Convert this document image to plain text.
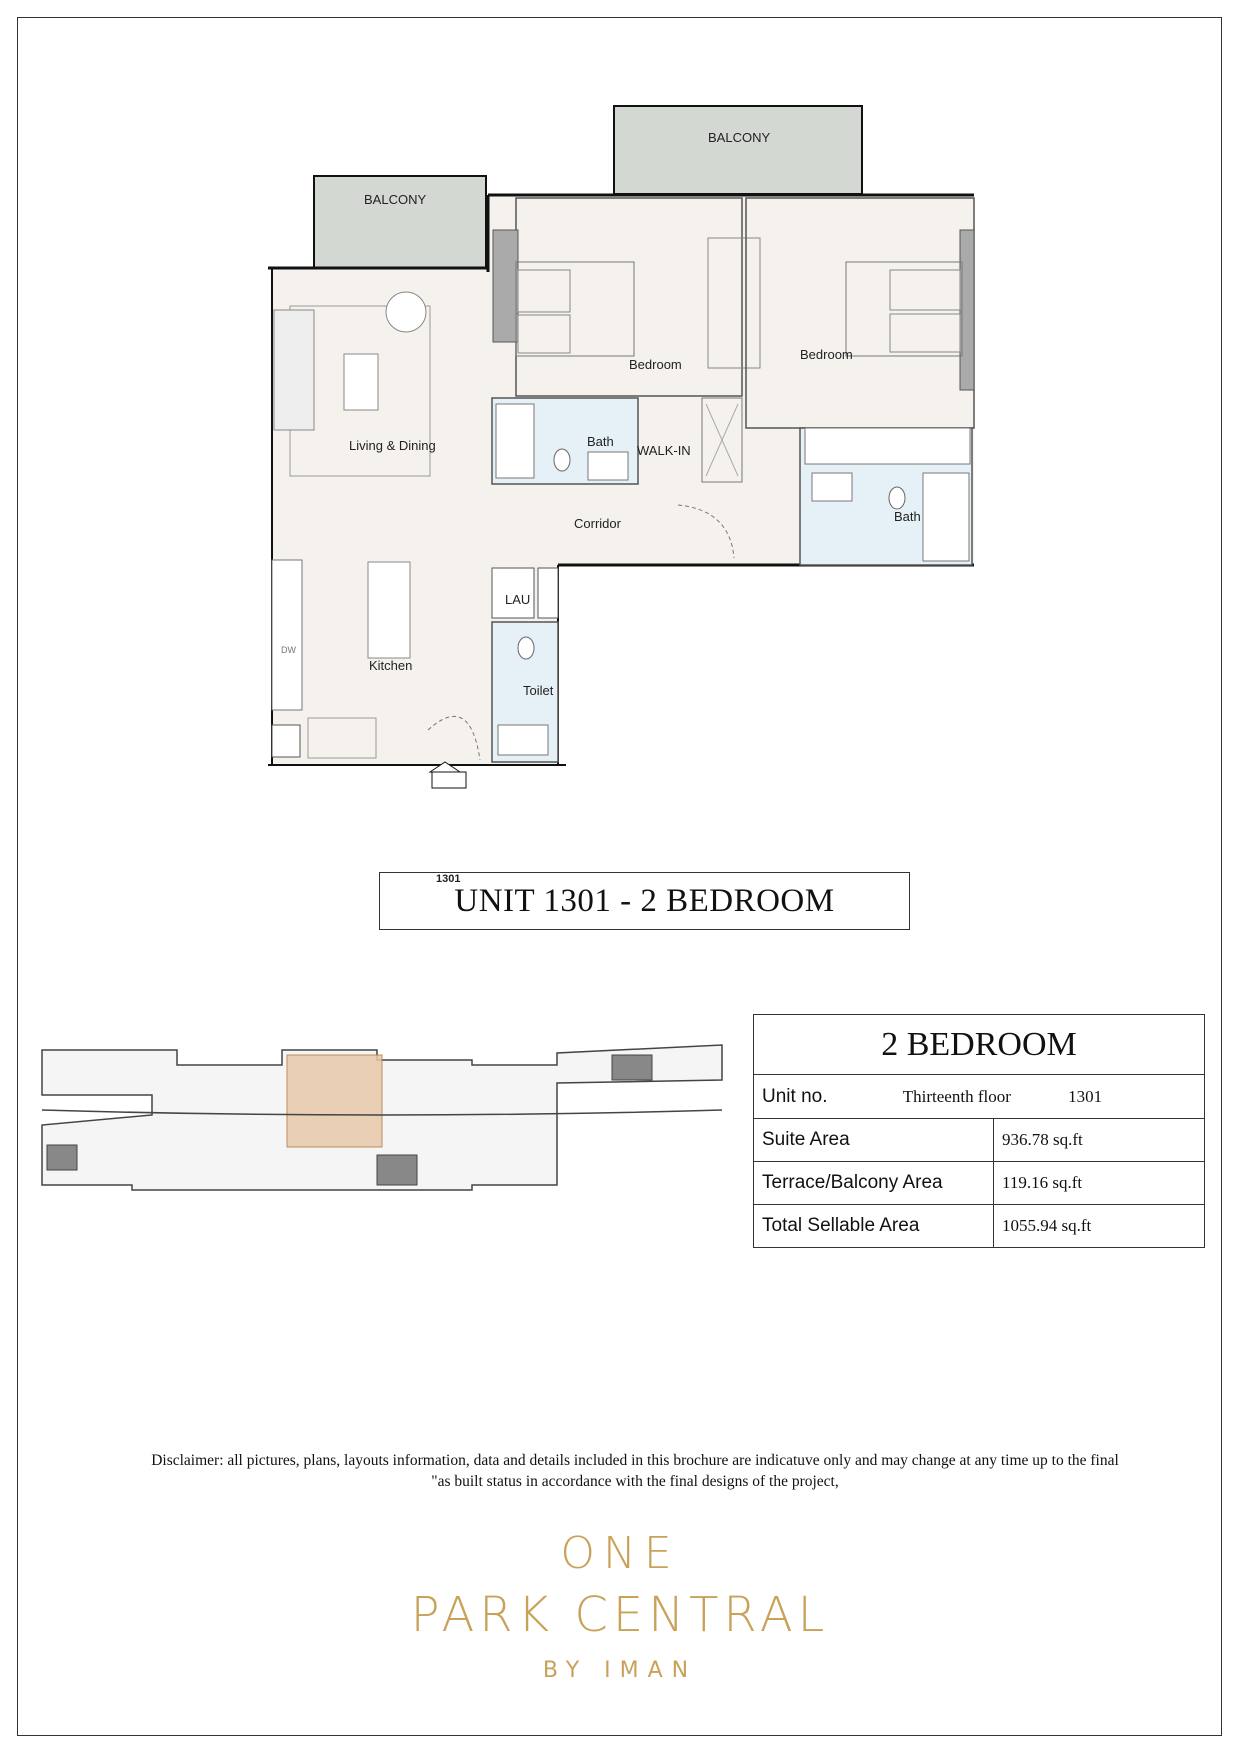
BALCONY
BALCONY
Bedroom
Bedroom
Living & Dining	Bath
WALK-IN
Corridor	Bath
LAU
Kitchen
Toilet
DW
1301
UNIT 1301 - 2 BEDROOM
2 BEDROOM	
Unit no. Thirteenth floor 1301	
Suite Area	936.78 sq.ft
Terrace/Balcony Area	119.16 sq.ft
Total Sellable Area	1055.94 sq.ft
Disclaimer: all pictures, plans, layouts information, data and details included in this brochure are indicatuve only and may change at any time up to the final
"as built status in accordance with the final designs of the project,
ONE
PARK CENTRAL
BY IMAN
